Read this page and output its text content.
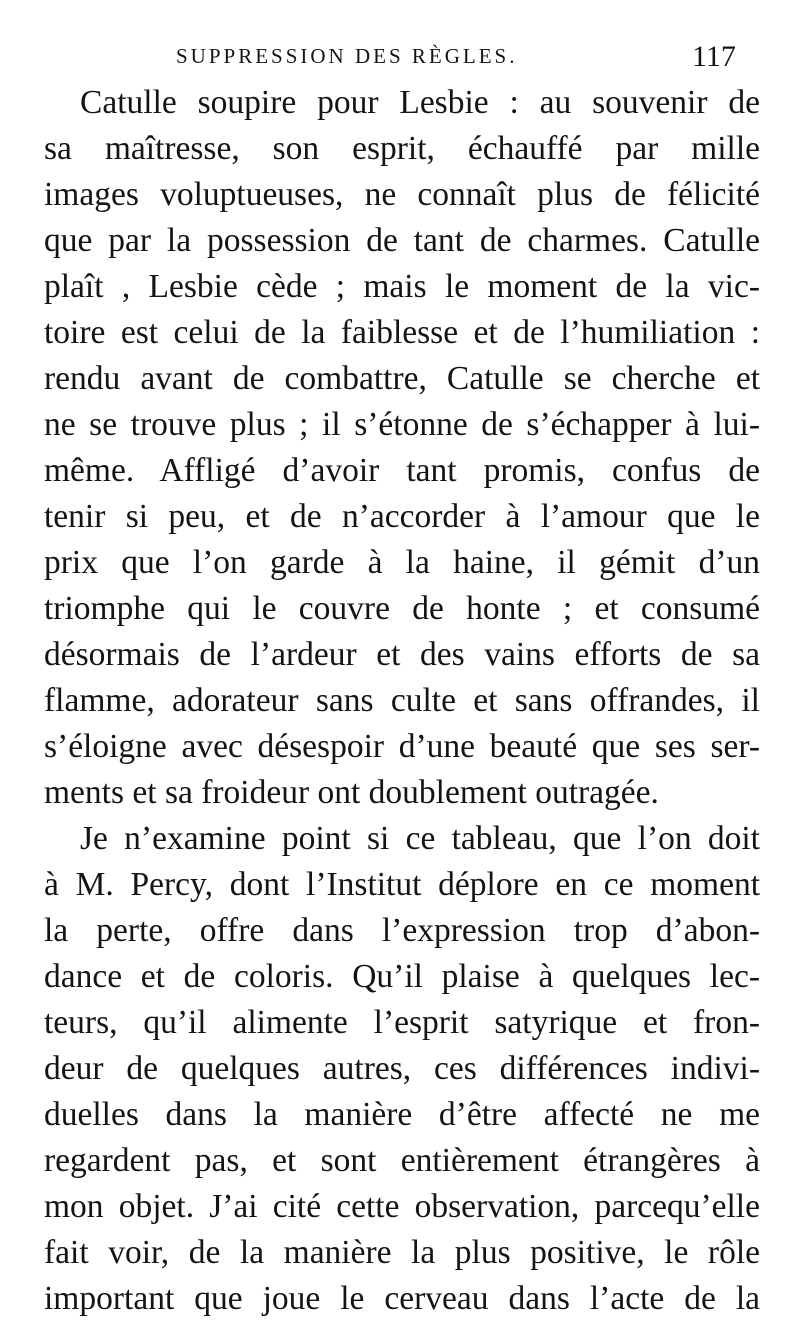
SUPPRESSION DES RÈGLES.	117
Catulle soupire pour Lesbie : au souvenir de
sa maîtresse, son esprit, échauffé par mille
images voluptueuses, ne connaît plus de félicité
que par la possession de tant de charmes. Catulle
plaît , Lesbie cède ; mais le moment de la vic-
toire est celui de la faiblesse et de l’humiliation :
rendu avant de combattre, Catulle se cherche et
ne se trouve plus ; il s’étonne de s’échapper à lui-
même. Affligé d’avoir tant promis, confus de
tenir si peu, et de n’accorder à l’amour que le
prix que l’on garde à la haine, il gémit d’un
triomphe qui le couvre de honte ; et consumé
désormais de l’ardeur et des vains efforts de sa
flamme, adorateur sans culte et sans offrandes, il
s’éloigne avec désespoir d’une beauté que ses ser-
ments et sa froideur ont doublement outragée.
Je n’examine point si ce tableau, que l’on doit
à M. Percy, dont l’Institut déplore en ce moment
la perte, offre dans l’expression trop d’abon-
dance et de coloris. Qu’il plaise à quelques lec-
teurs, qu’il alimente l’esprit satyrique et fron-
deur de quelques autres, ces différences indivi-
duelles dans la manière d’être affecté ne me
regardent pas, et sont entièrement étrangères à
mon objet. J’ai cité cette observation, parcequ’elle
fait voir, de la manière la plus positive, le rôle
important que joue le cerveau dans l’acte de la
